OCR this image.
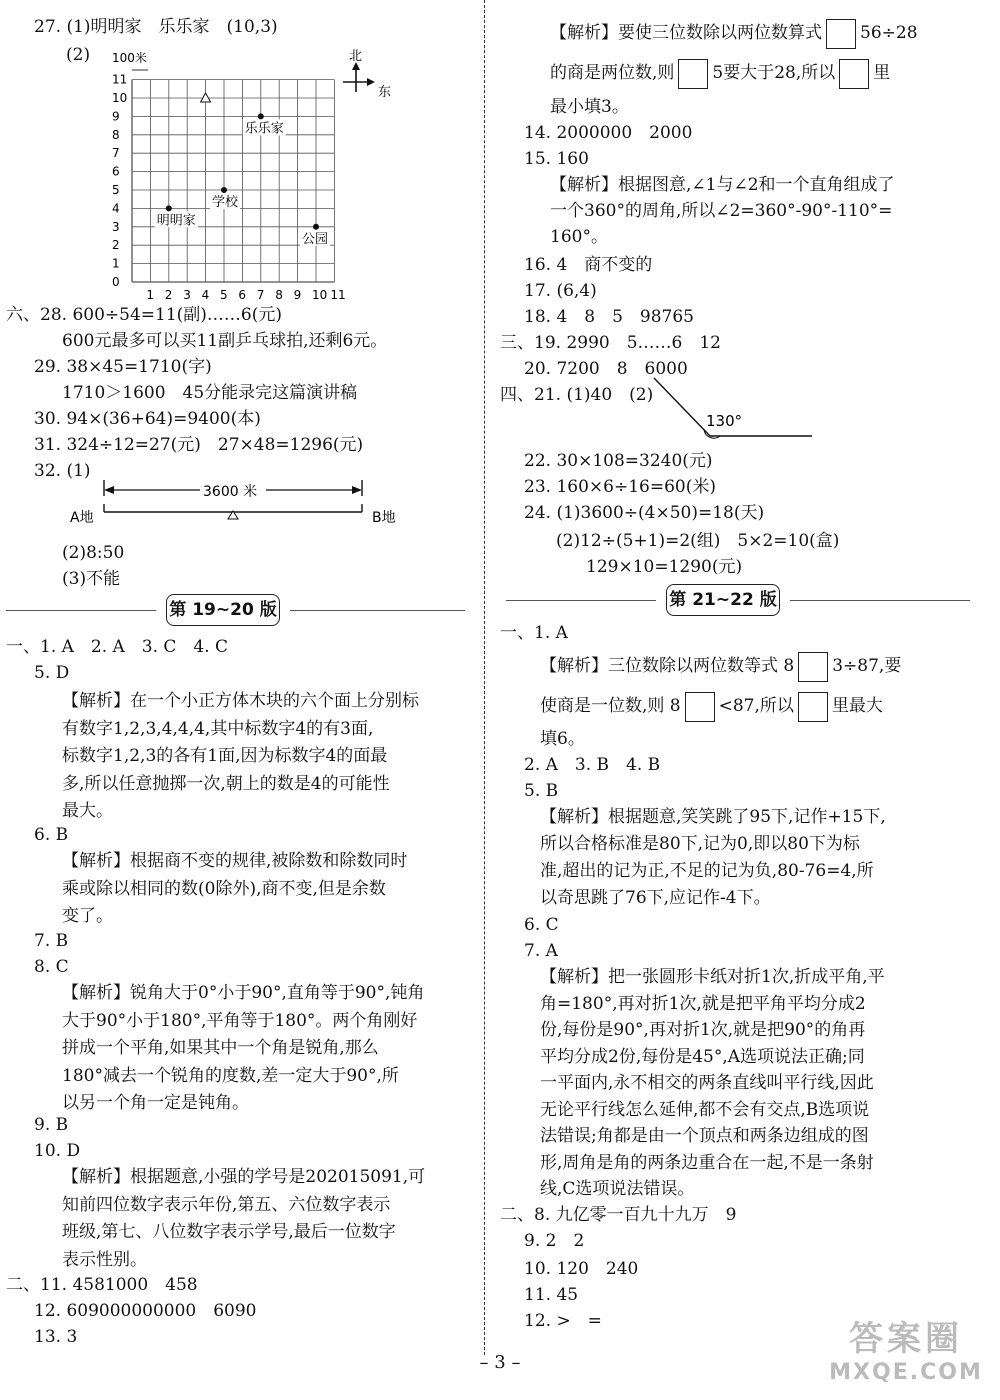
27. (1)明明家　乐乐家　(10,3)
(2)
1 2 3 4 5 6 7 8 9 10 11
0
1
2
3
4
5
6
7
8
9
10
11
明明家
学校
乐乐家
公园
100米	北
东
六、28. 600÷54=11(副)……6(元)
600元最多可以买11副乒乓球拍,还剩6元。
29. 38×45=1710(字)
1710＞1600　45分能录完这篇演讲稿
30. 94×(36+64)=9400(本)
31. 324÷12=27(元)　27×48=1296(元)
32. (1)
3600 米
A地	B地
(2)8:50
(3)不能
第 19~20 版
一、1. A　2. A　3. C　4. C
5. D
【解析】在一个小正方体木块的六个面上分别标
有数字1,2,3,4,4,4,其中标数字4的有3面,
标数字1,2,3的各有1面,因为标数字4的面最
多,所以任意抛掷一次,朝上的数是4的可能性
最大。
6. B
【解析】根据商不变的规律,被除数和除数同时
乘或除以相同的数(0除外),商不变,但是余数
变了。
7. B
8. C
【解析】锐角大于0°小于90°,直角等于90°,钝角
大于90°小于180°,平角等于180°。两个角刚好
拼成一个平角,如果其中一个角是锐角,那么
180°减去一个锐角的度数,差一定大于90°,所
以另一个角一定是钝角。
9. B
10. D
【解析】根据题意,小强的学号是202015091,可
知前四位数字表示年份,第五、六位数字表示
班级,第七、八位数字表示学号,最后一位数字
表示性别。
二、11. 4581000　458
12. 609000000000　6090
13. 3
【解析】要使三位数除以两位数算式 56÷28
的商是两位数,则 5要大于28,所以 里
最小填3。
14. 2000000　2000
15. 160
【解析】根据图意,∠1与∠2和一个直角组成了
一个360°的周角,所以∠2=360°-90°-110°=
160°。
16. 4　商不变的
17. (6,4)
18. 4　8　5　98765
三、19. 2990　5……6　12
20. 7200　8　6000
四、21. (1)40　(2)
130°
22. 30×108=3240(元)
23. 160×6÷16=60(米)
24. (1)3600÷(4×50)=18(天)
(2)12÷(5+1)=2(组)　5×2=10(盒)
129×10=1290(元)
第 21~22 版
一、1. A
【解析】三位数除以两位数等式 8 3÷87,要
使商是一位数,则 8 <87,所以 里最大
填6。
2. A　3. B　4. B
5. B
【解析】根据题意,笑笑跳了95下,记作+15下,
所以合格标准是80下,记为0,即以80下为标
准,超出的记为正,不足的记为负,80-76=4,所
以奇思跳了76下,应记作-4下。
6. C
7. A
【解析】把一张圆形卡纸对折1次,折成平角,平
角=180°,再对折1次,就是把平角平均分成2
份,每份是90°,再对折1次,就是把90°的角再
平均分成2份,每份是45°,A选项说法正确;同
一平面内,永不相交的两条直线叫平行线,因此
无论平行线怎么延伸,都不会有交点,B选项说
法错误;角都是由一个顶点和两条边组成的图
形,周角是角的两条边重合在一起,不是一条射
线,C选项说法错误。
二、8. 九亿零一百九十九万　9
9. 2　2
10. 120　240
11. 45
12. >　=
– 3 –
答案圈
MXQE.COM
